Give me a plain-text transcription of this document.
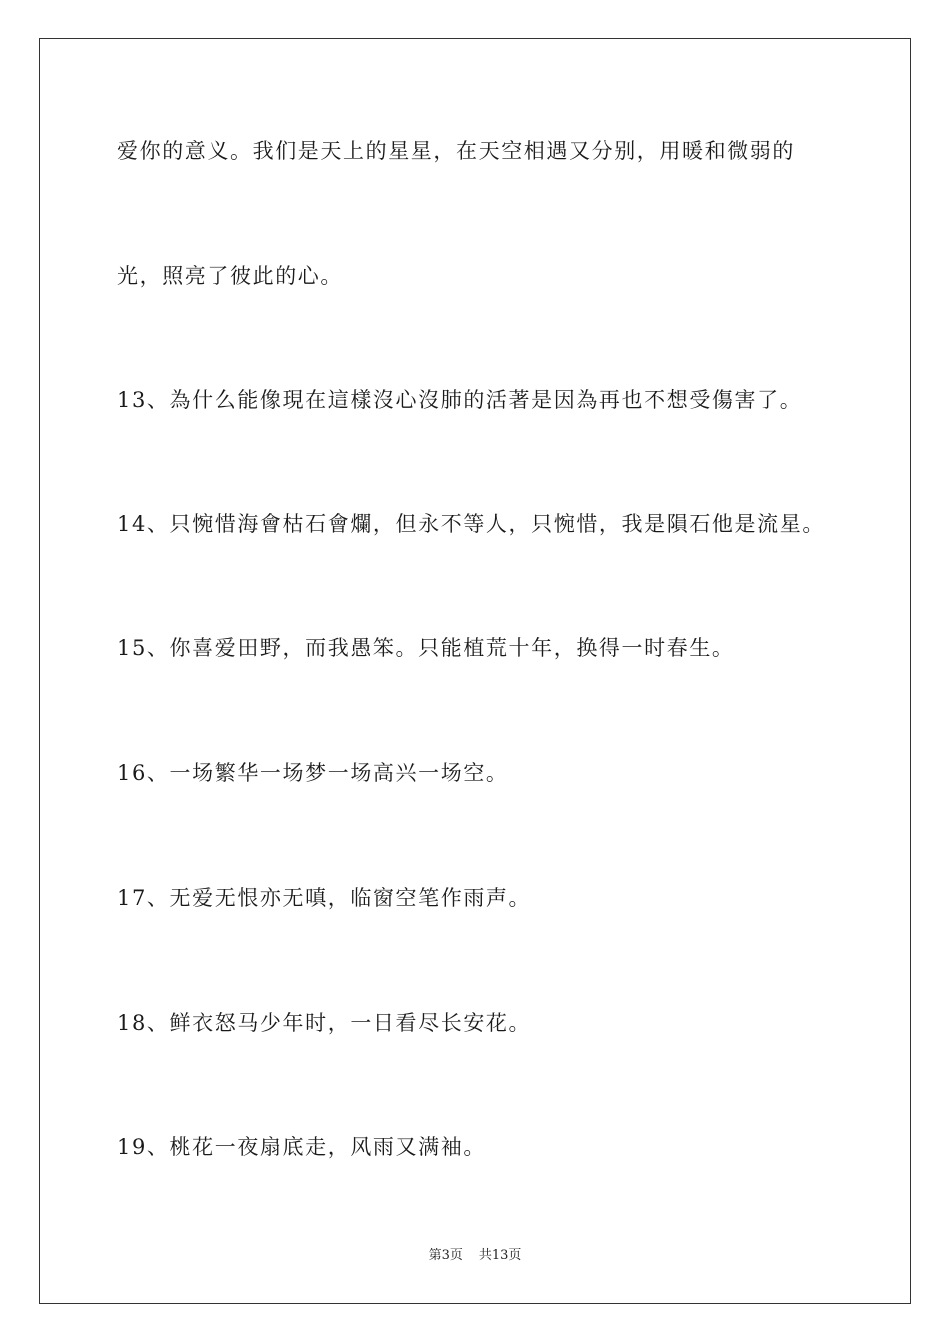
爱你的意义。我们是天上的星星，在天空相遇又分别，用暖和微弱的
光，照亮了彼此的心。
13、為什么能像現在這樣沒心沒肺的活著是因為再也不想受傷害了。
14、只惋惜海會枯石會爛，但永不等人，只惋惜，我是隕石他是流星。
15、你喜爱田野，而我愚笨。只能植荒十年，换得一时春生。
16、一场繁华一场梦一场高兴一场空。
17、无爱无恨亦无嗔，临窗空笔作雨声。
18、鲜衣怒马少年时，一日看尽长安花。
19、桃花一夜扇底走，风雨又满袖。
第3页 共13页
